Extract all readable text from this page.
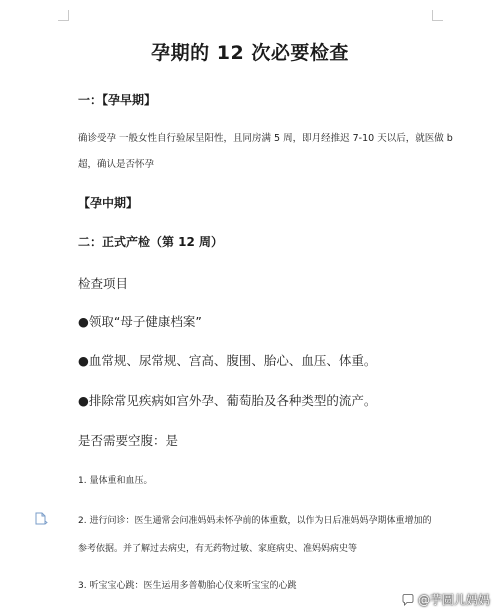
孕期的 12 次必要检查
一：【孕早期】
确诊受孕 一般女性自行验尿呈阳性，且同房满 5 周，即月经推迟 7-10 天以后，就医做 b
超，确认是否怀孕
【孕中期】
二：正式产检（第 12 周）
检查项目
●领取“母子健康档案”
●血常规、尿常规、宫高、腹围、胎心、血压、体重。
●排除常见疾病如宫外孕、葡萄胎及各种类型的流产。
是否需要空腹：是
1. 量体重和血压。
2. 进行问诊：医生通常会问准妈妈未怀孕前的体重数，以作为日后准妈妈孕期体重增加的
参考依据。并了解过去病史，有无药物过敏、家庭病史、准妈妈病史等
3. 听宝宝心跳：医生运用多普勒胎心仪来听宝宝的心跳
@芋圆儿妈妈
